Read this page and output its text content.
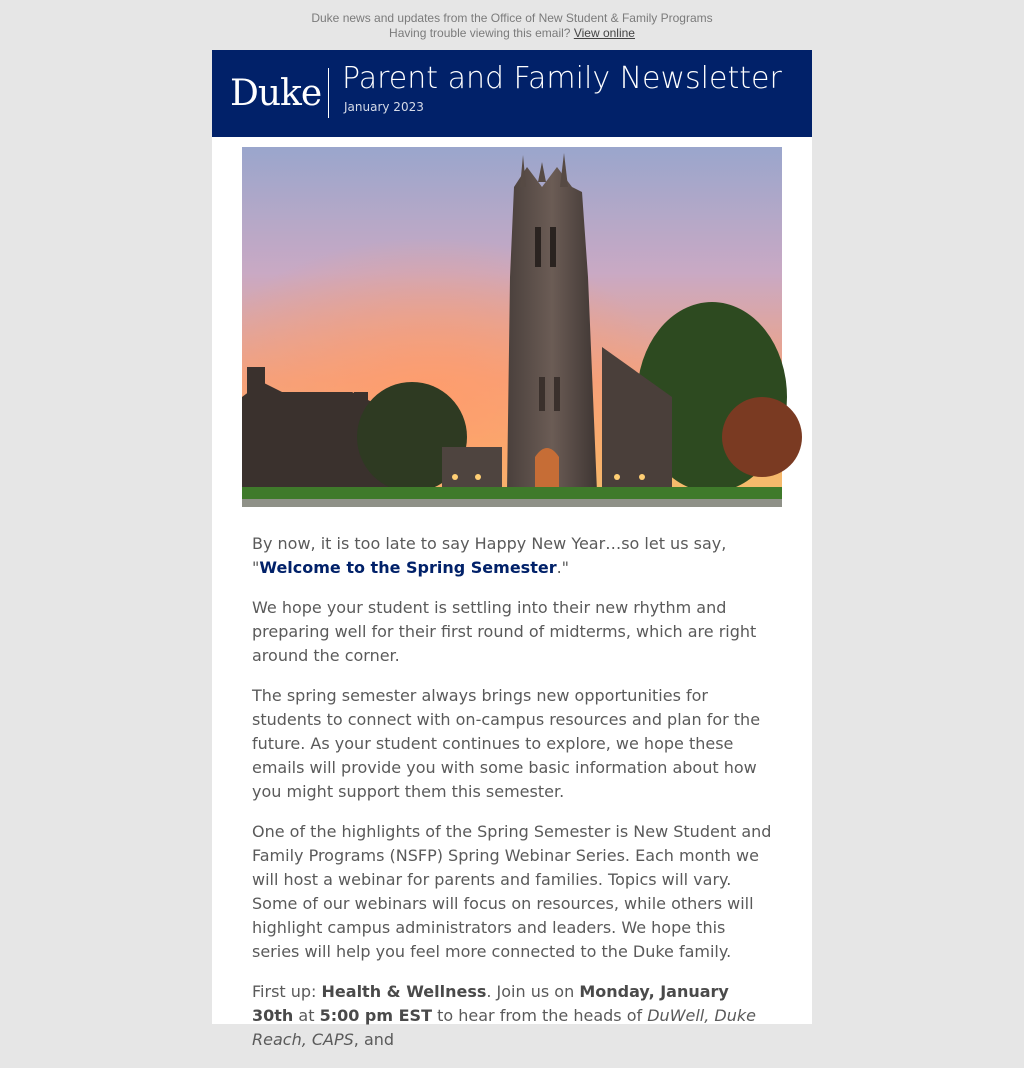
Duke news and updates from the Office of New Student & Family Programs
Having trouble viewing this email? View online
Duke Parent and Family Newsletter
January 2023

By now, it is too late to say Happy New Year…so let us say, "Welcome to the Spring Semester."

We hope your student is settling into their new rhythm and preparing well for their first round of midterms, which are right around the corner.

The spring semester always brings new opportunities for students to connect with on-campus resources and plan for the future. As your student continues to explore, we hope these emails will provide you with some basic information about how you might support them this semester.

One of the highlights of the Spring Semester is New Student and Family Programs (NSFP) Spring Webinar Series. Each month we will host a webinar for parents and families. Topics will vary. Some of our webinars will focus on resources, while others will highlight campus administrators and leaders. We hope this series will help you feel more connected to the Duke family.

First up: Health & Wellness. Join us on Monday, January 30th at 5:00 pm EST to hear from the heads of DuWell, Duke Reach, CAPS, and
